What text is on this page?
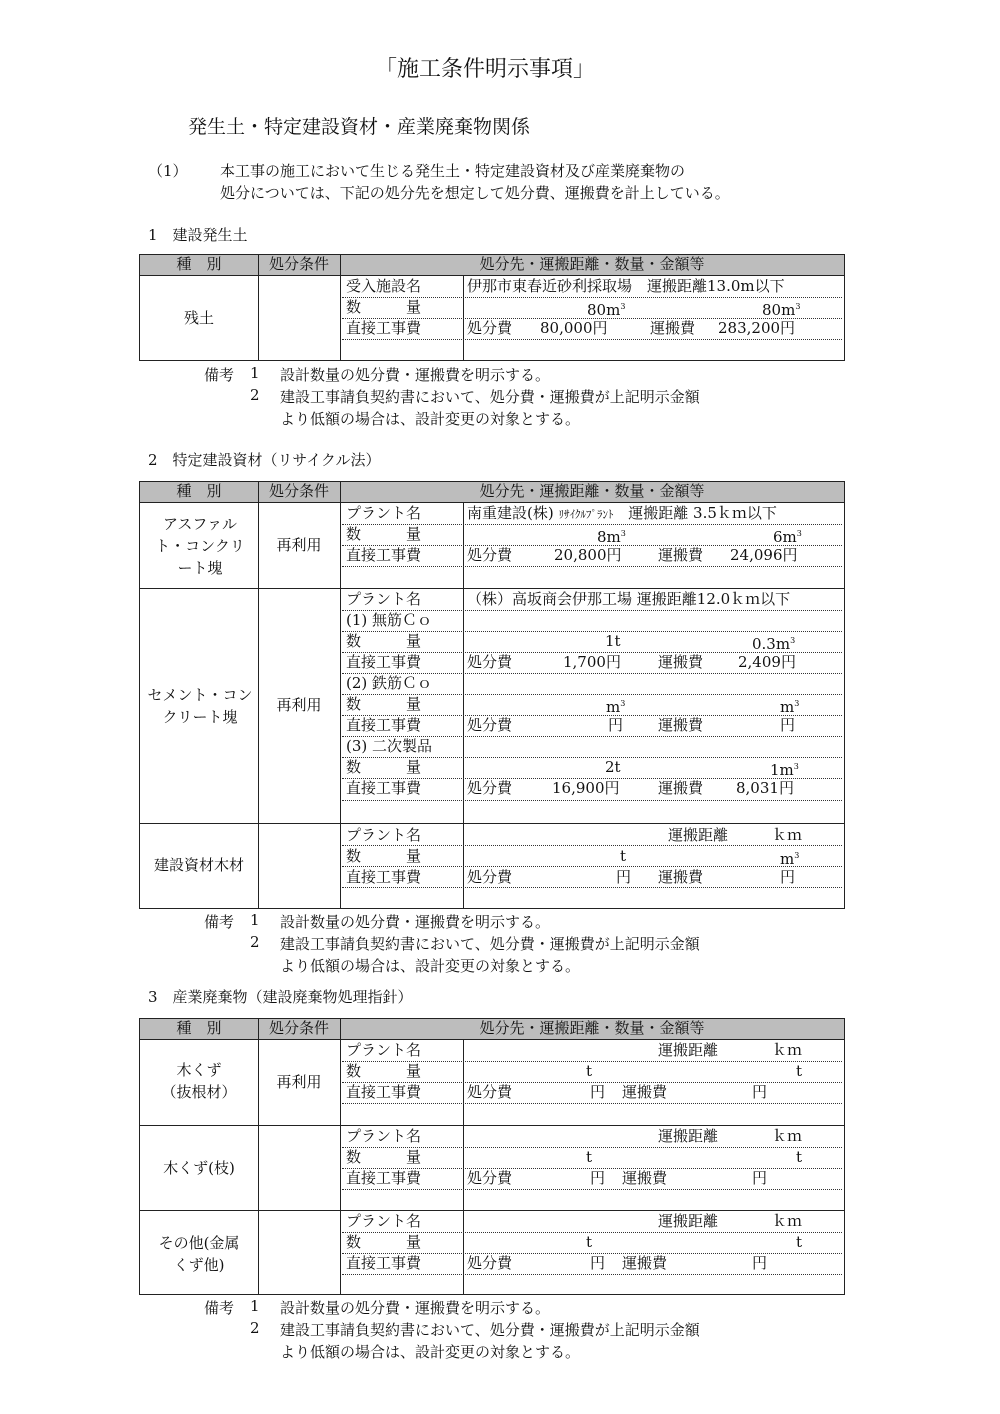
「施工条件明示事項」
発生土・特定建設資材・産業廃棄物関係
（1） 本工事の施工において生じる発生土・特定建設資材及び産業廃棄物の
処分については、下記の処分先を想定して処分費、運搬費を計上している。
1　建設発生土
種　別	処分条件	処分先・運搬距離・数量・金額等
残土
受入施設名	伊那市東春近砂利採取場　運搬距離13.0m以下
数　　　量	$80m^3$	$80m^3$
直接工事費	処分費 80,000円	運搬費 283,200円
備考 1 設計数量の処分費・運搬費を明示する。
2 建設工事請負契約書において、処分費・運搬費が上記明示金額
より低額の場合は、設計変更の対象とする。
2　特定建設資材（リサイクル法）
種　別	処分条件	処分先・運搬距離・数量・金額等
アスファルト・コンクリート塊
再利用
プラント名	南重建設(株) ﾘｻｲｸﾙﾌﾟﾗﾝﾄ 運搬距離 3.5ｋｍ以下
数　　　量	$8m^3$	$6m^3$
直接工事費	処分費	20,800円 運搬費 24,096円
セメント・コンクリート塊
再利用
プラント名	（株）高坂商会伊那工場 運搬距離12.0ｋｍ以下
(1) 無筋Ｃｏ
数　　　量	1t	$0.3m^3$
直接工事費	処分費	1,700円 運搬費 2,409円
(2) 鉄筋Ｃｏ
数　　　量	$m^3$	$m^3$
直接工事費	処分費	円 運搬費	円
(3) 二次製品
数　　　量	2t	$1m^3$
直接工事費	処分費	16,900円	運搬費 8,031円
建設資材木材
プラント名	運搬距離	ｋｍ
数　　　量	t	$m^3$
直接工事費	処分費	円 運搬費	円
備考 1 設計数量の処分費・運搬費を明示する。
2 建設工事請負契約書において、処分費・運搬費が上記明示金額
より低額の場合は、設計変更の対象とする。
3　産業廃棄物（建設廃棄物処理指針）
種　別	処分条件	処分先・運搬距離・数量・金額等
木くず
（抜根材）
再利用
プラント名	運搬距離	ｋｍ
数　　　量	t	t
直接工事費	処分費	円 運搬費	円
木くず(枝)
プラント名	運搬距離	ｋｍ
数　　　量	t	t
直接工事費	処分費	円 運搬費	円
その他(金属
くず他)
プラント名	運搬距離	ｋｍ
数　　　量	t	t
直接工事費	処分費	円 運搬費	円
備考 1 設計数量の処分費・運搬費を明示する。
2 建設工事請負契約書において、処分費・運搬費が上記明示金額
より低額の場合は、設計変更の対象とする。
